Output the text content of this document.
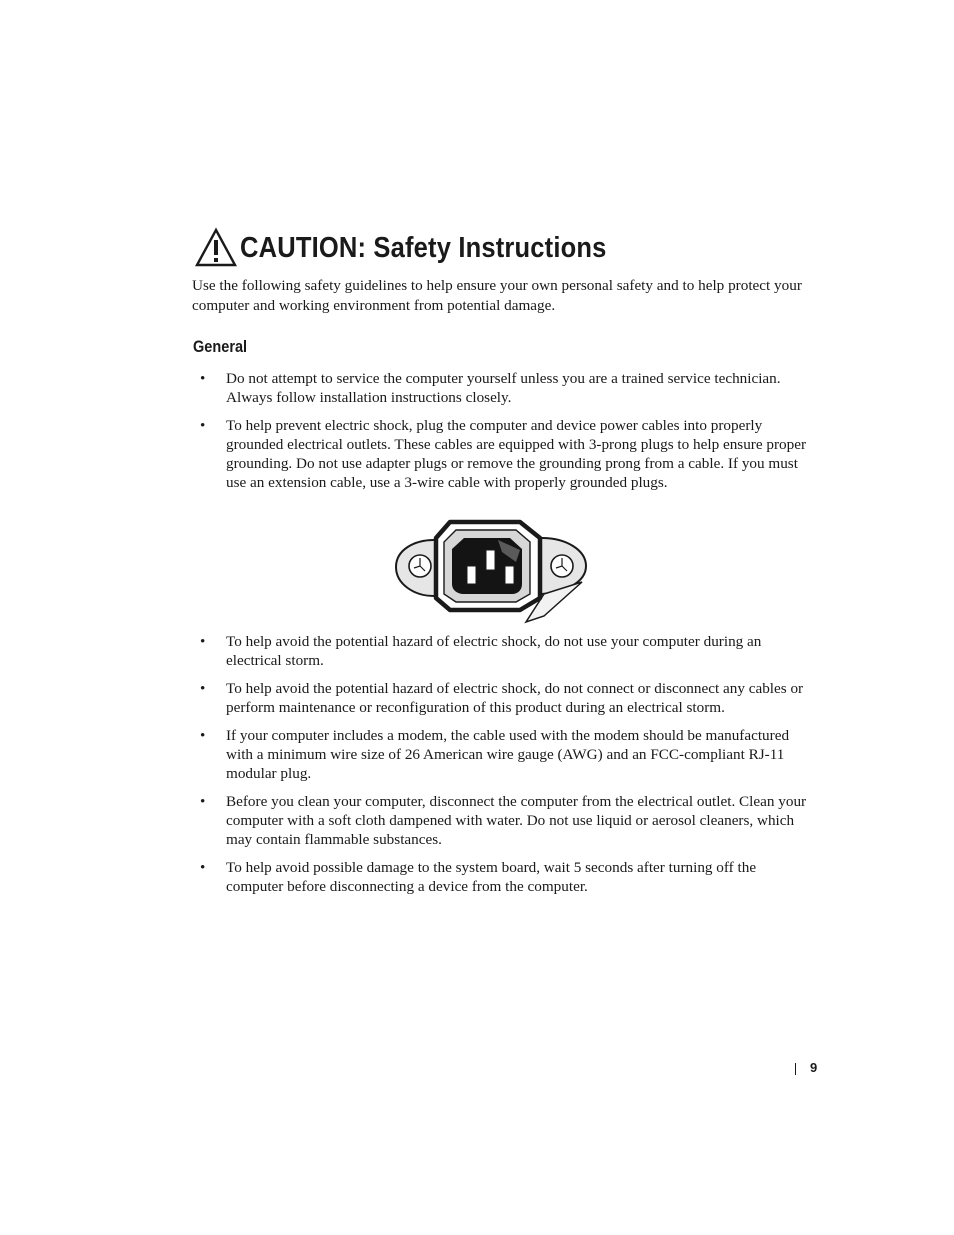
CAUTION: Safety Instructions

Use the following safety guidelines to help ensure your own personal safety and to help protect your computer and working environment from potential damage.

General
• Do not attempt to service the computer yourself unless you are a trained service technician. Always follow installation instructions closely.
• To help prevent electric shock, plug the computer and device power cables into properly grounded electrical outlets. These cables are equipped with 3-prong plugs to help ensure proper grounding. Do not use adapter plugs or remove the grounding prong from a cable. If you must use an extension cable, use a 3-wire cable with properly grounded plugs.
• To help avoid the potential hazard of electric shock, do not use your computer during an electrical storm.
• To help avoid the potential hazard of electric shock, do not connect or disconnect any cables or perform maintenance or reconfiguration of this product during an electrical storm.
• If your computer includes a modem, the cable used with the modem should be manufactured with a minimum wire size of 26 American wire gauge (AWG) and an FCC-compliant RJ-11 modular plug.
• Before you clean your computer, disconnect the computer from the electrical outlet. Clean your computer with a soft cloth dampened with water. Do not use liquid or aerosol cleaners, which may contain flammable substances.
• To help avoid possible damage to the system board, wait 5 seconds after turning off the computer before disconnecting a device from the computer.
9
